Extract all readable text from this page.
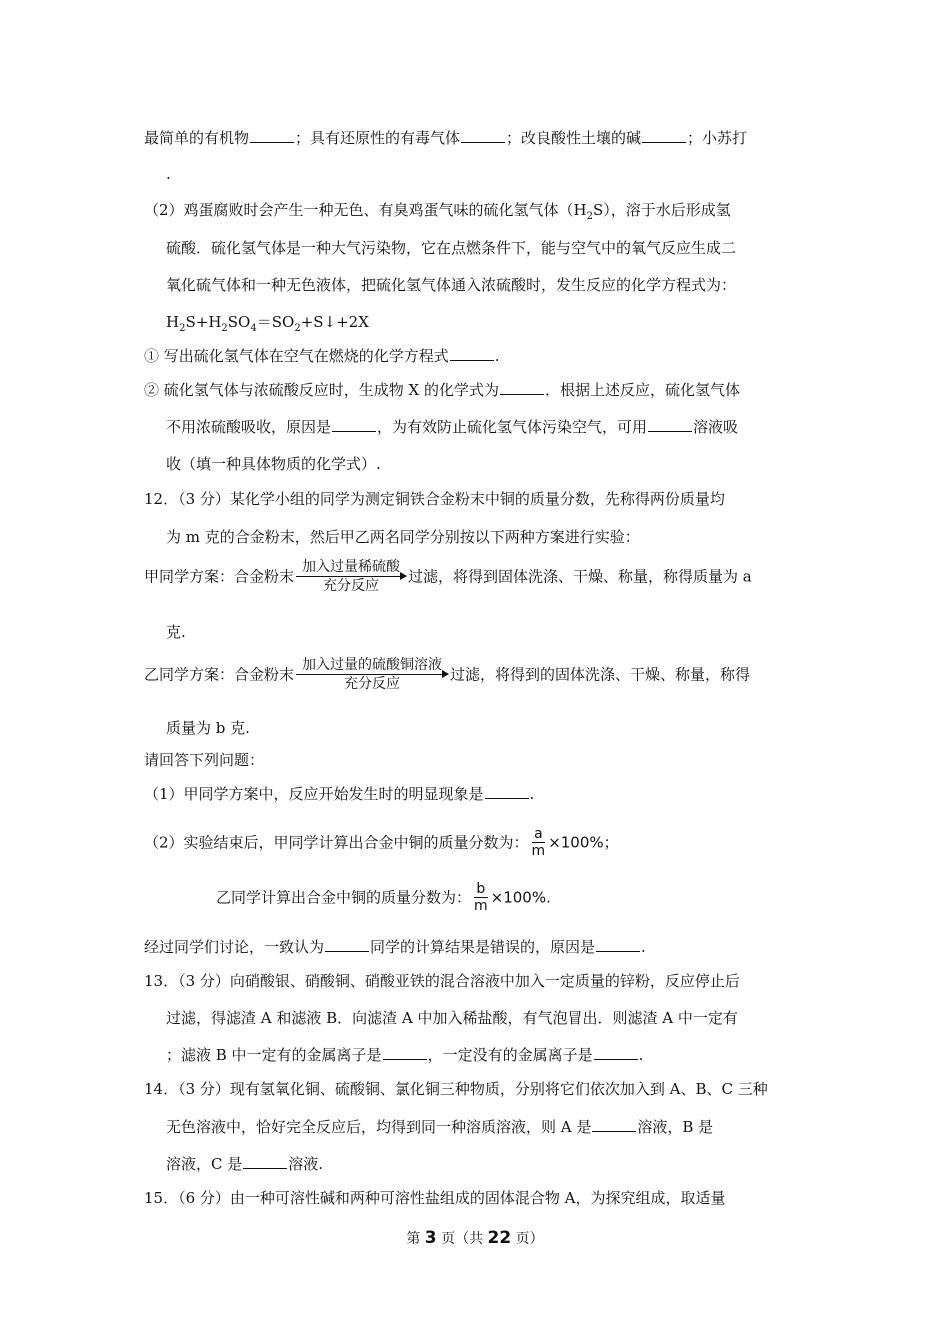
最简单的有机物	；具有还原性的有毒气体	；改良酸性土壤的碱	；小苏打
.
（2）鸡蛋腐败时会产生一种无色、有臭鸡蛋气味的硫化氢气体$(H_2S)$，溶于水后形成氢
硫酸．硫化氢气体是一种大气污染物，它在点燃条件下，能与空气中的氧气反应生成二
氧化硫气体和一种无色液体，把硫化氢气体通入浓硫酸时，发生反应的化学方程式为：
$H_2S+H_2SO_4=SO_2+S↓+2X$
① 写出硫化氢气体在空气在燃烧的化学方程式	.
② 硫化氢气体与浓硫酸反应时，生成物 X 的化学式为	．根据上述反应，硫化氢气体
不用浓硫酸吸收，原因是	，为有效防止硫化氢气体污染空气，可用	溶液吸
收（填一种具体物质的化学式）.
12．（3 分）某化学小组的同学为测定铜铁合金粉末中铜的质量分数，先称得两份质量均
为 m 克的合金粉末，然后甲乙两名同学分别按以下两种方案进行实验：
甲同学方案：合金粉末
加入过量稀硫酸
充分反应
过滤，将得到固体洗涤、干燥、称量，称得质量为 a
克.
乙同学方案：合金粉末
加入过量的硫酸铜溶液
充分反应
过滤，将得到的固体洗涤、干燥、称量，称得
质量为 b 克.
请回答下列问题：
（1）甲同学方案中，反应开始发生时的明显现象是	.
（2）实验结束后，甲同学计算出合金中铜的质量分数为： $\frac{a}{m} \times 100\%$；
乙同学计算出合金中铜的质量分数为： $\frac{b}{m} \times 100\%$.
经过同学们讨论，一致认为	同学的计算结果是错误的，原因是	.
13．（3 分）向硝酸银、硝酸铜、硝酸亚铁的混合溶液中加入一定质量的锌粉，反应停止后
过滤，得滤渣 A 和滤液 B．向滤渣 A 中加入稀盐酸，有气泡冒出．则滤渣 A 中一定有
；滤液 B 中一定有的金属离子是	，一定没有的金属离子是	.
14．（3 分）现有氢氧化铜、硫酸铜、氯化铜三种物质，分别将它们依次加入到 A、B、C 三种
无色溶液中，恰好完全反应后，均得到同一种溶质溶液，则 A 是	溶液，B 是
溶液，C 是	溶液.
15．（6 分）由一种可溶性碱和两种可溶性盐组成的固体混合物 A，为探究组成，取适量
第 3 页（共 22 页）
